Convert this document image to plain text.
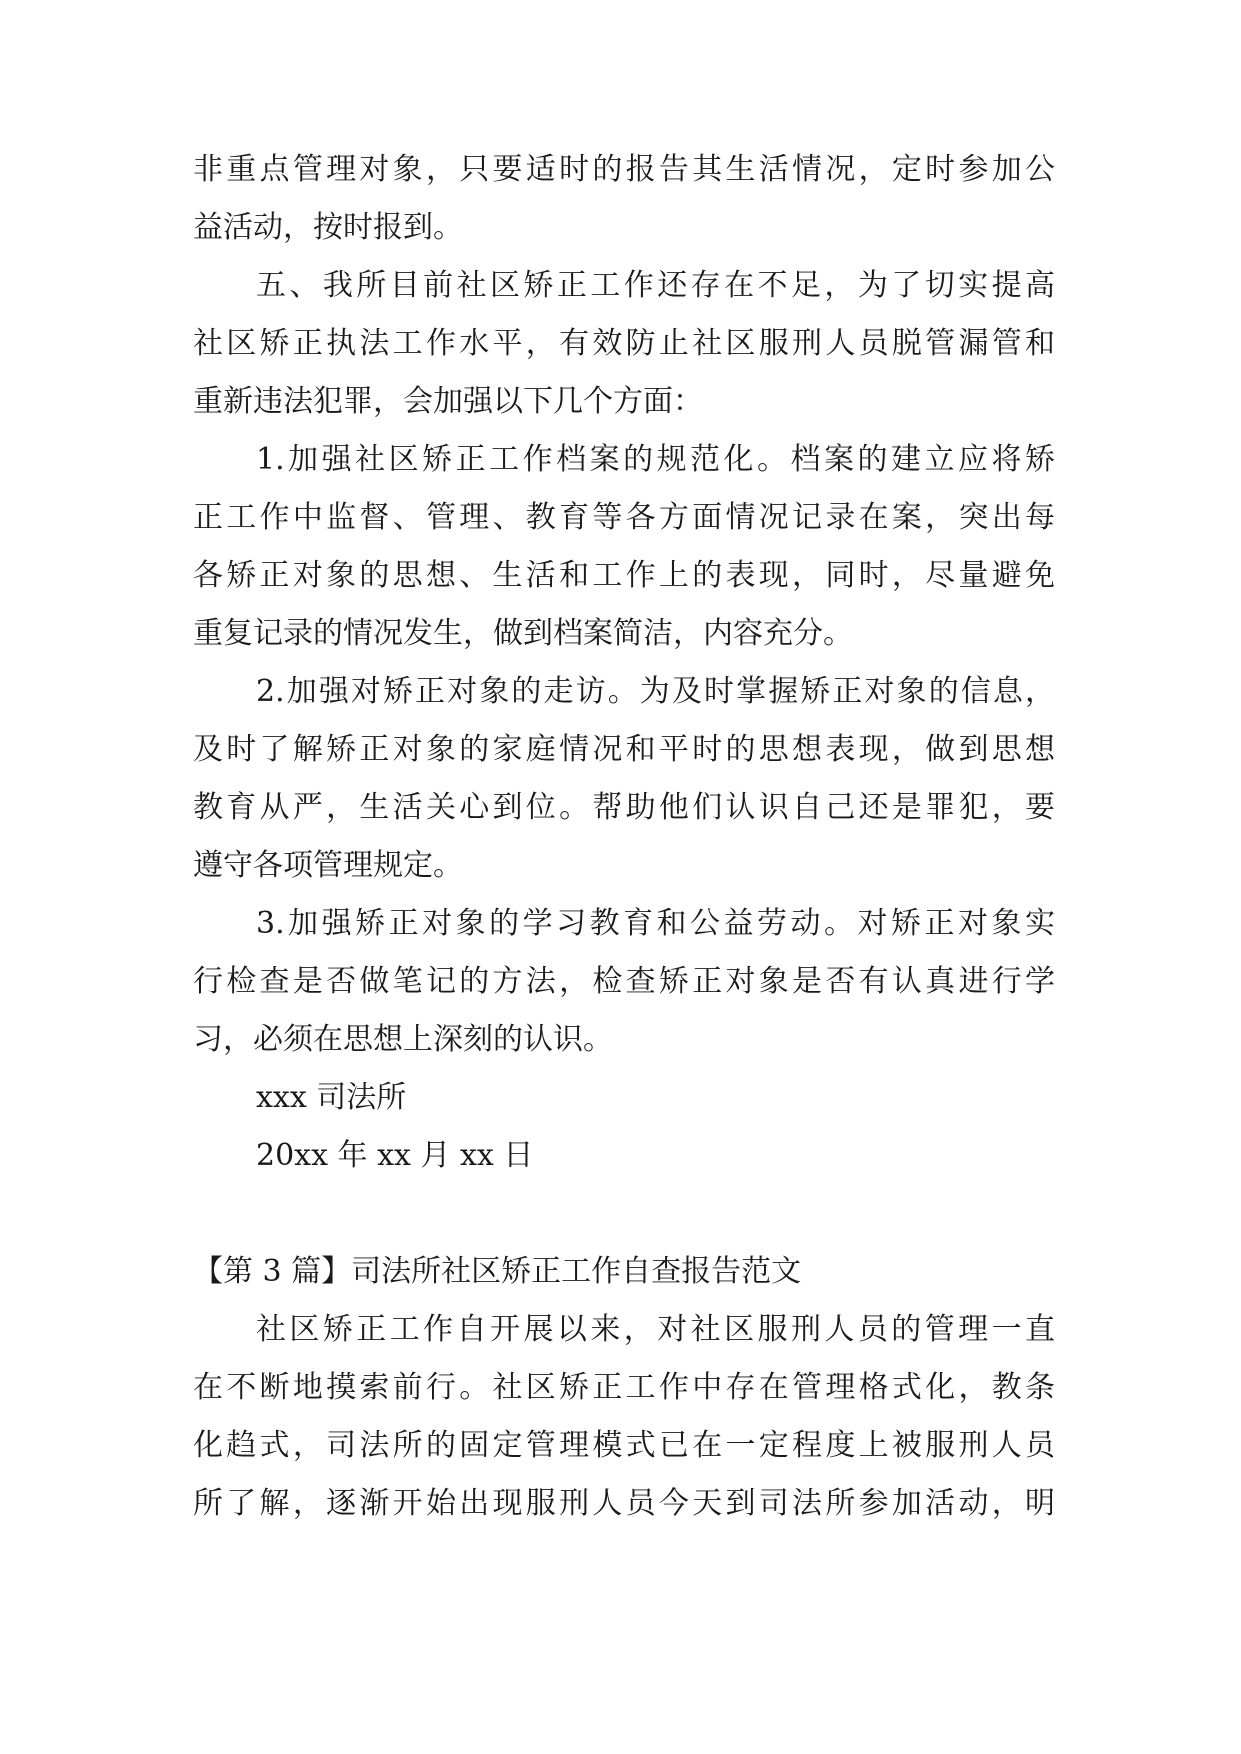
非重点管理对象，只要适时的报告其生活情况，定时参加公
益活动，按时报到。
五、我所目前社区矫正工作还存在不足，为了切实提高
社区矫正执法工作水平，有效防止社区服刑人员脱管漏管和
重新违法犯罪，会加强以下几个方面：
1.加强社区矫正工作档案的规范化。档案的建立应将矫
正工作中监督、管理、教育等各方面情况记录在案，突出每
各矫正对象的思想、生活和工作上的表现，同时，尽量避免
重复记录的情况发生，做到档案简洁，内容充分。
2.加强对矫正对象的走访。为及时掌握矫正对象的信息，
及时了解矫正对象的家庭情况和平时的思想表现，做到思想
教育从严，生活关心到位。帮助他们认识自己还是罪犯，要
遵守各项管理规定。
3.加强矫正对象的学习教育和公益劳动。对矫正对象实
行检查是否做笔记的方法，检查矫正对象是否有认真进行学
习，必须在思想上深刻的认识。
xxx 司法所
20xx 年 xx 月 xx 日
【第 3 篇】司法所社区矫正工作自查报告范文
社区矫正工作自开展以来，对社区服刑人员的管理一直
在不断地摸索前行。社区矫正工作中存在管理格式化，教条
化趋式，司法所的固定管理模式已在一定程度上被服刑人员
所了解，逐渐开始出现服刑人员今天到司法所参加活动，明
